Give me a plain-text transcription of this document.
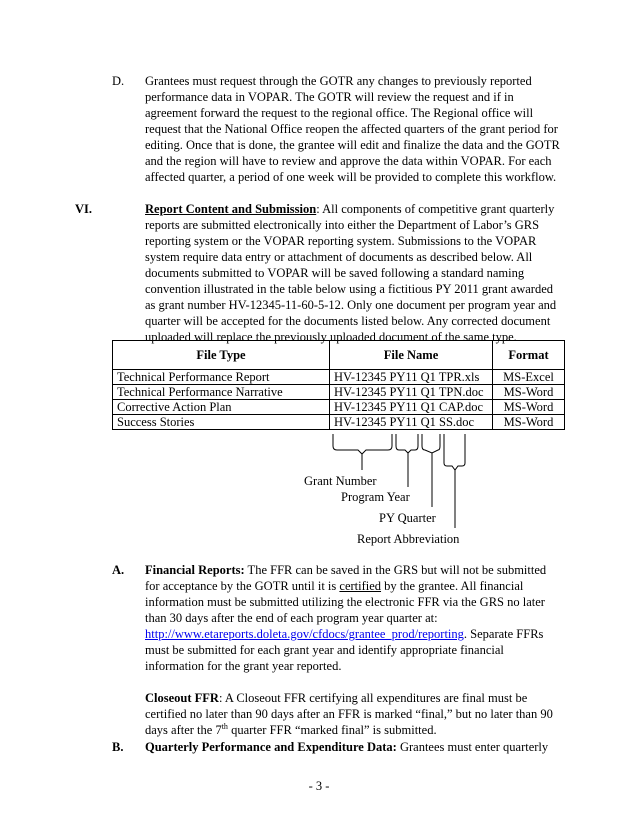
D. Grantees must request through the GOTR any changes to previously reported
performance data in VOPAR. The GOTR will review the request and if in
agreement forward the request to the regional office. The Regional office will
request that the National Office reopen the affected quarters of the grant period for
editing. Once that is done, the grantee will edit and finalize the data and the GOTR
and the region will have to review and approve the data within VOPAR. For each
affected quarter, a period of one week will be provided to complete this workflow.
VI.	Report Content and Submission: All components of competitive grant quarterly
reports are submitted electronically into either the Department of Labor’s GRS
reporting system or the VOPAR reporting system. Submissions to the VOPAR
system require data entry or attachment of documents as described below. All
documents submitted to VOPAR will be saved following a standard naming
convention illustrated in the table below using a fictitious PY 2011 grant awarded
as grant number HV-12345-11-60-5-12. Only one document per program year and
quarter will be accepted for the documents listed below. Any corrected document
uploaded will replace the previously uploaded document of the same type.
File Type	File Name	Format
Technical Performance Report	HV-12345 PY11 Q1 TPR.xls	MS-Excel
Technical Performance Narrative	HV-12345 PY11 Q1 TPN.doc	MS-Word
Corrective Action Plan	HV-12345 PY11 Q1 CAP.doc	MS-Word
Success Stories	HV-12345 PY11 Q1 SS.doc	MS-Word
Grant Number
Program Year
PY Quarter
Report Abbreviation
A. Financial Reports: The FFR can be saved in the GRS but will not be submitted
for acceptance by the GOTR until it is certified by the grantee. All financial
information must be submitted utilizing the electronic FFR via the GRS no later
than 30 days after the end of each program year quarter at:
http://www.etareports.doleta.gov/cfdocs/grantee_prod/reporting. Separate FFRs
must be submitted for each grant year and identify appropriate financial
information for the grant year reported.
Closeout FFR: A Closeout FFR certifying all expenditures are final must be
certified no later than 90 days after an FFR is marked “final,” but no later than 90
days after the 7th quarter FFR “marked final” is submitted.
B. Quarterly Performance and Expenditure Data: Grantees must enter quarterly
- 3 -
